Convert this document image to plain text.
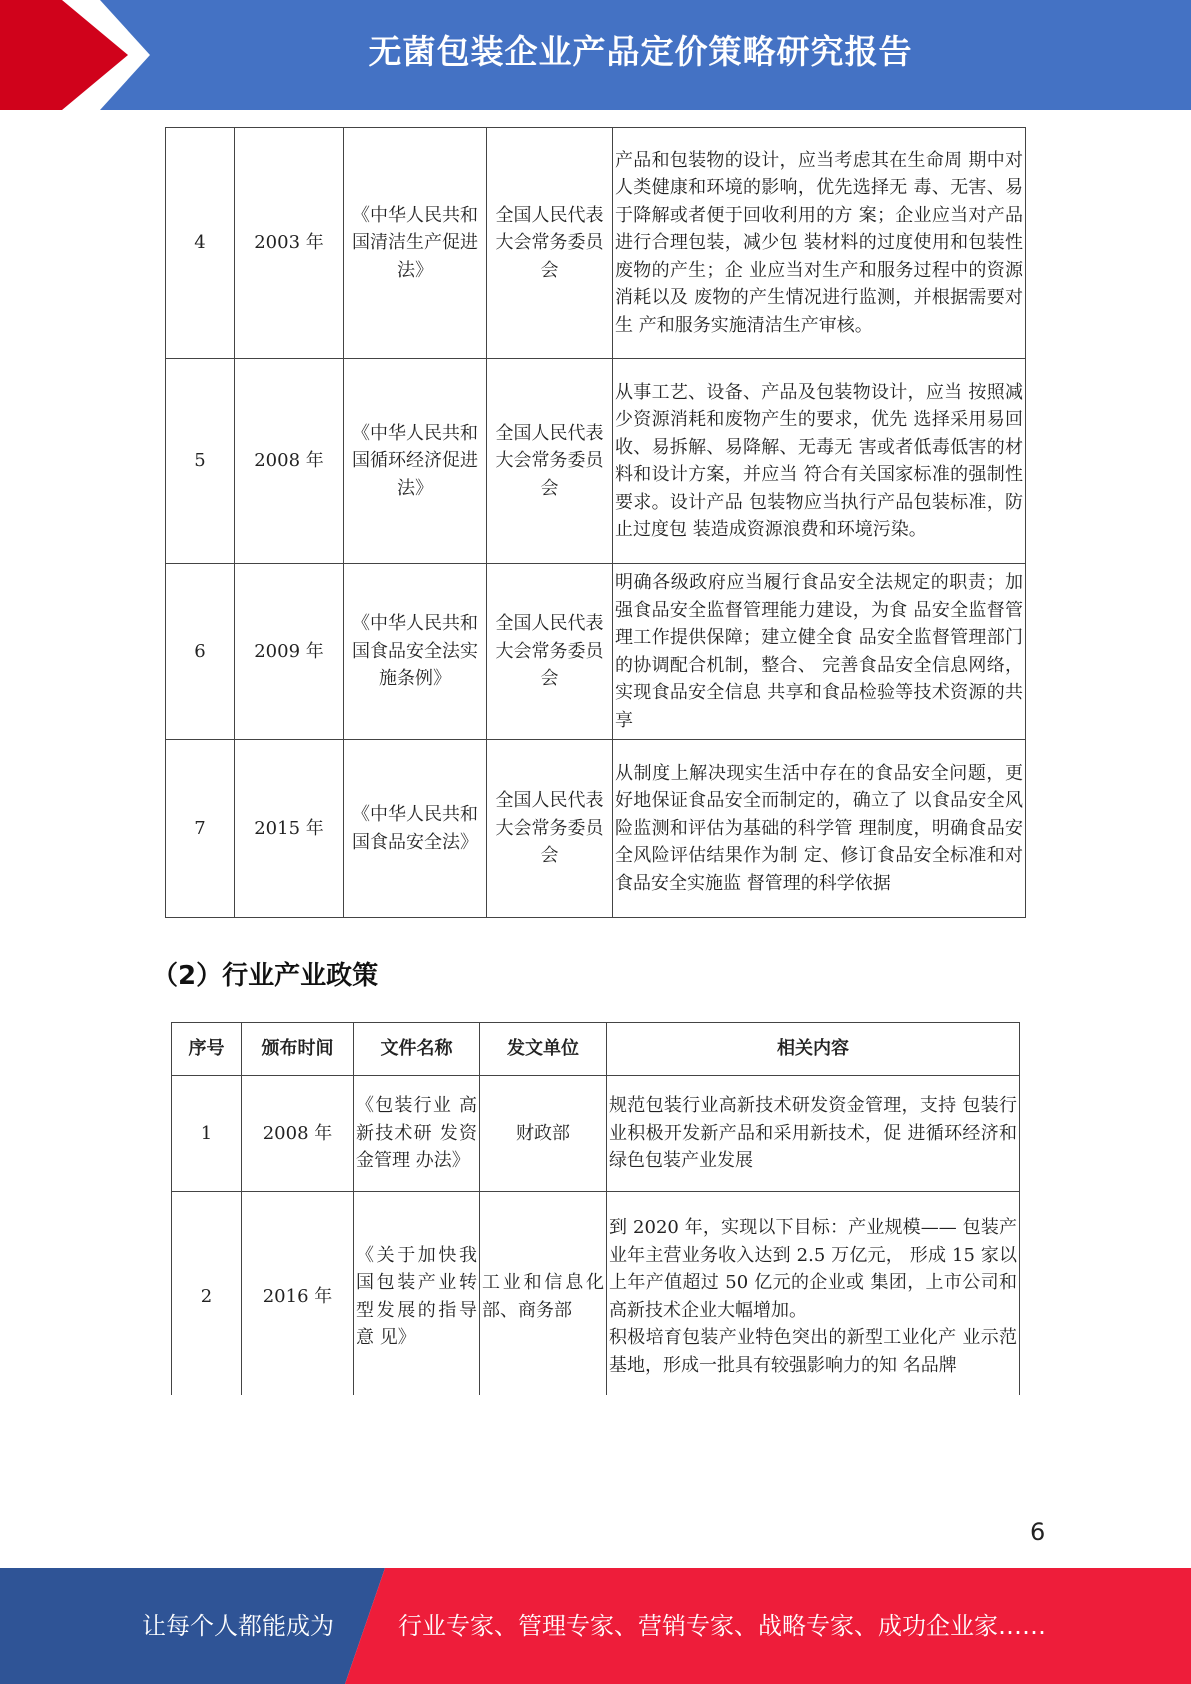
无菌包装企业产品定价策略研究报告
4	2003 年	《中华人民共和国清洁生产促进法》	全国人民代表大会常务委员会	产品和包装物的设计，应当考虑其在生命周 期中对人类健康和环境的影响，优先选择无 毒、无害、易于降解或者便于回收利用的方 案；企业应当对产品进行合理包装，减少包 装材料的过度使用和包装性废物的产生；企 业应当对生产和服务过程中的资源消耗以及 废物的产生情况进行监测，并根据需要对生 产和服务实施清洁生产审核。
5	2008 年	《中华人民共和国循环经济促进法》	全国人民代表大会常务委员会	从事工艺、设备、产品及包装物设计，应当 按照减少资源消耗和废物产生的要求，优先 选择采用易回收、易拆解、易降解、无毒无 害或者低毒低害的材料和设计方案，并应当 符合有关国家标准的强制性要求。设计产品 包装物应当执行产品包装标准，防止过度包 装造成资源浪费和环境污染。
6	2009 年	《中华人民共和国食品安全法实施条例》	全国人民代表大会常务委员会	明确各级政府应当履行食品安全法规定的职责；加强食品安全监督管理能力建设，为食 品安全监督管理工作提供保障；建立健全食 品安全监督管理部门的协调配合机制，整合、 完善食品安全信息网络，实现食品安全信息 共享和食品检验等技术资源的共享
7	2015 年	《中华人民共和国食品安全法》	全国人民代表大会常务委员会	从制度上解决现实生活中存在的食品安全问题，更好地保证食品安全而制定的，确立了 以食品安全风险监测和评估为基础的科学管 理制度，明确食品安全风险评估结果作为制 定、修订食品安全标准和对食品安全实施监 督管理的科学依据
（2）行业产业政策
序号	颁布时间	文件名称	发文单位	相关内容
1	2008 年	《包装行业 高新技术研 发资金管理 办法》	财政部	规范包装行业高新技术研发资金管理，支持 包装行业积极开发新产品和采用新技术，促 进循环经济和绿色包装产业发展
2	2016 年	《关于加快我国包装产业转型发展的指导意 见》	工业和信息化部、商务部	到 2020 年，实现以下目标：产业规模—— 包装产业年主营业务收入达到 2.5 万亿元， 形成 15 家以上年产值超过 50 亿元的企业或 集团，上市公司和高新技术企业大幅增加。
积极培育包装产业特色突出的新型工业化产 业示范基地，形成一批具有较强影响力的知 名品牌
6
让每个人都能成为	行业专家、管理专家、营销专家、战略专家、成功企业家……
